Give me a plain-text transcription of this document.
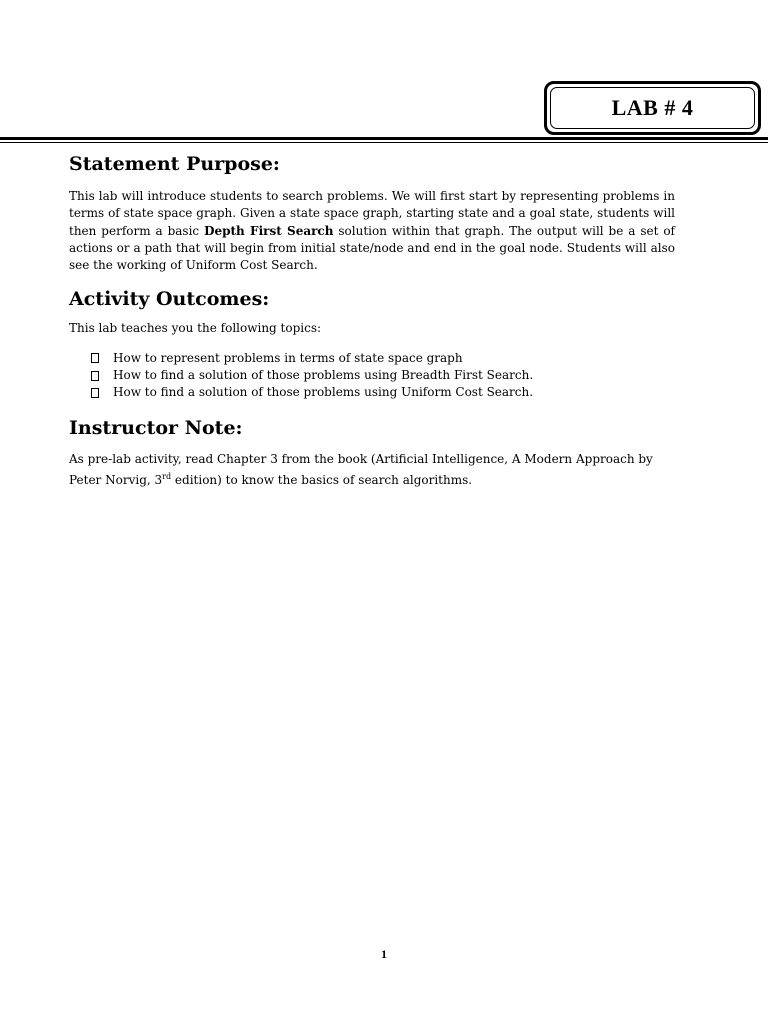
LAB # 4
Statement Purpose:

This lab will introduce students to search problems. We will first start by representing problems in terms of state space graph. Given a state space graph, starting state and a goal state, students will then perform a basic Depth First Search solution within that graph. The output will be a set of actions or a path that will begin from initial state/node and end in the goal node. Students will also see the working of Uniform Cost Search.

Activity Outcomes:

This lab teaches you the following topics:

How to represent problems in terms of state space graph
How to find a solution of those problems using Breadth First Search.
How to find a solution of those problems using Uniform Cost Search.
Instructor Note:

As pre-lab activity, read Chapter 3 from the book (Artificial Intelligence, A Modern Approach by Peter Norvig, 3rd edition) to know the basics of search algorithms.

1
